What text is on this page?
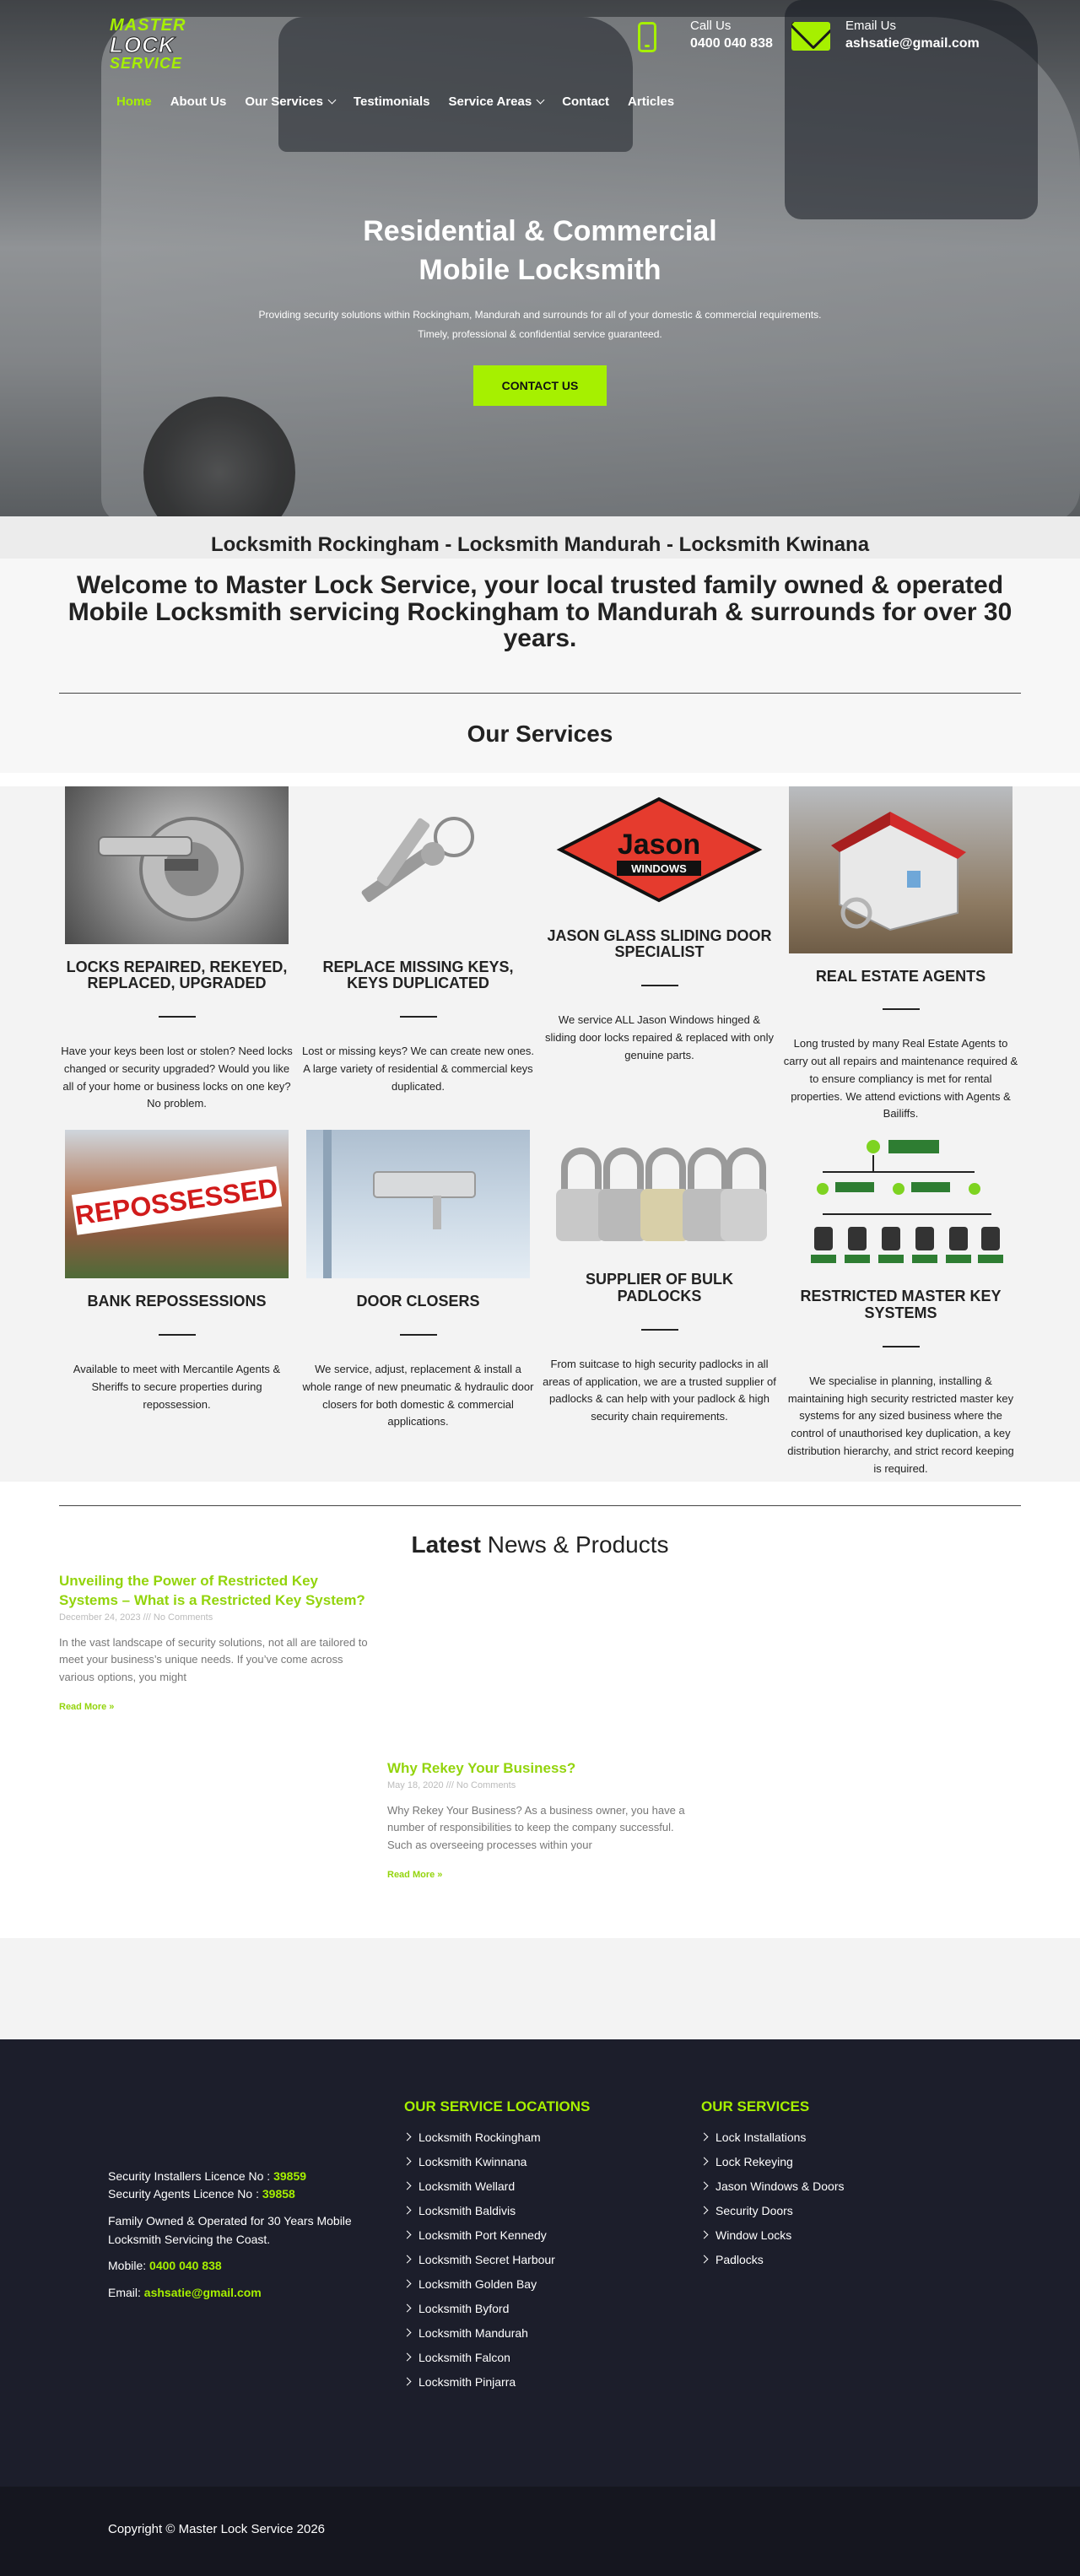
MASTER
LOCK
SERVICE
Call Us
0400 040 838
Email Us
ashsatie@gmail.com
Home About Us Our Services Testimonials Service Areas Contact Articles
Residential & Commercial
Mobile Locksmith

Providing security solutions within Rockingham, Mandurah and surrounds for all of your domestic & commercial requirements.
Timely, professional & confidential service guaranteed.

CONTACT US
Locksmith Rockingham - Locksmith Mandurah - Locksmith Kwinana
Welcome to Master Lock Service, your local trusted family owned & operated Mobile Locksmith servicing Rockingham to Mandurah & surrounds for over 30 years.
Our Services
LOCKS REPAIRED, REKEYED, REPLACED, UPGRADED

Have your keys been lost or stolen? Need locks changed or security upgraded? Would you like all of your home or business locks on one key? No problem.

REPLACE MISSING KEYS, KEYS DUPLICATED

Lost or missing keys? We can create new ones. A large variety of residential & commercial keys duplicated.

Jason
WINDOWS
JASON GLASS SLIDING DOOR SPECIALIST

We service ALL Jason Windows hinged & sliding door locks repaired & replaced with only genuine parts.

REAL ESTATE AGENTS

Long trusted by many Real Estate Agents to carry out all repairs and maintenance required & to ensure compliancy is met for rental properties. We attend evictions with Agents & Bailiffs.

REPOSSESSED
BANK REPOSSESSIONS

Available to meet with Mercantile Agents & Sheriffs to secure properties during repossession.

DOOR CLOSERS

We service, adjust, replacement & install a whole range of new pneumatic & hydraulic door closers for both domestic & commercial applications.

SUPPLIER OF BULK PADLOCKS

From suitcase to high security padlocks in all areas of application, we are a trusted supplier of padlocks & can help with your padlock & high security chain requirements.

RESTRICTED MASTER KEY SYSTEMS

We specialise in planning, installing & maintaining high security restricted master key systems for any sized business where the control of unauthorised key duplication, a key distribution hierarchy, and strict record keeping is required.

Latest News & Products
Unveiling the Power of Restricted Key Systems – What is a Restricted Key System?
December 24, 2023 /// No Comments
In the vast landscape of security solutions, not all are tailored to meet your business’s unique needs. If you’ve come across various options, you might
Read More »
Why Rekey Your Business?
May 18, 2020 /// No Comments
Why Rekey Your Business? As a business owner, you have a number of responsibilities to keep the company successful. Such as overseeing processes within your
Read More »
Security Installers Licence No : 39859

Security Agents Licence No : 39858

Family Owned & Operated for 30 Years Mobile Locksmith Servicing the Coast.

Mobile: 0400 040 838

Email: ashsatie@gmail.com

OUR SERVICE LOCATIONS
Locksmith Rockingham
Locksmith Kwinnana
Locksmith Wellard
Locksmith Baldivis
Locksmith Port Kennedy
Locksmith Secret Harbour
Locksmith Golden Bay
Locksmith Byford
Locksmith Mandurah
Locksmith Falcon
Locksmith Pinjarra
OUR SERVICES
Lock Installations
Lock Rekeying
Jason Windows & Doors
Security Doors
Window Locks
Padlocks
Copyright © Master Lock Service 2026
